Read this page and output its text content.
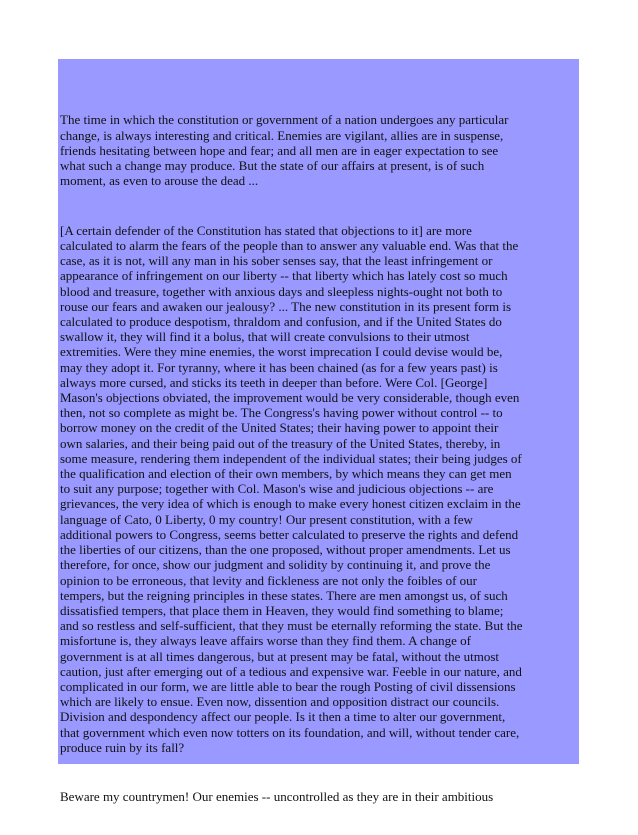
The time in which the constitution or government of a nation undergoes any particular
change, is always interesting and critical. Enemies are vigilant, allies are in suspense,
friends hesitating between hope and fear; and all men are in eager expectation to see
what such a change may produce. But the state of our affairs at present, is of such
moment, as even to arouse the dead ...

[A certain defender of the Constitution has stated that objections to it] are more
calculated to alarm the fears of the people than to answer any valuable end. Was that the
case, as it is not, will any man in his sober senses say, that the least infringement or
appearance of infringement on our liberty -- that liberty which has lately cost so much
blood and treasure, together with anxious days and sleepless nights-ought not both to
rouse our fears and awaken our jealousy? ... The new constitution in its present form is
calculated to produce despotism, thraldom and confusion, and if the United States do
swallow it, they will find it a bolus, that will create convulsions to their utmost
extremities. Were they mine enemies, the worst imprecation I could devise would be,
may they adopt it. For tyranny, where it has been chained (as for a few years past) is
always more cursed, and sticks its teeth in deeper than before. Were Col. [George]
Mason's objections obviated, the improvement would be very considerable, though even
then, not so complete as might be. The Congress's having power without control -- to
borrow money on the credit of the United States; their having power to appoint their
own salaries, and their being paid out of the treasury of the United States, thereby, in
some measure, rendering them independent of the individual states; their being judges of
the qualification and election of their own members, by which means they can get men
to suit any purpose; together with Col. Mason's wise and judicious objections -- are
grievances, the very idea of which is enough to make every honest citizen exclaim in the
language of Cato, 0 Liberty, 0 my country! Our present constitution, with a few
additional powers to Congress, seems better calculated to preserve the rights and defend
the liberties of our citizens, than the one proposed, without proper amendments. Let us
therefore, for once, show our judgment and solidity by continuing it, and prove the
opinion to be erroneous, that levity and fickleness are not only the foibles of our
tempers, but the reigning principles in these states. There are men amongst us, of such
dissatisfied tempers, that place them in Heaven, they would find something to blame;
and so restless and self-sufficient, that they must be eternally reforming the state. But the
misfortune is, they always leave affairs worse than they find them. A change of
government is at all times dangerous, but at present may be fatal, without the utmost
caution, just after emerging out of a tedious and expensive war. Feeble in our nature, and
complicated in our form, we are little able to bear the rough Posting of civil dissensions
which are likely to ensue. Even now, dissention and opposition distract our councils.
Division and despondency affect our people. Is it then a time to alter our government,
that government which even now totters on its foundation, and will, without tender care,
produce ruin by its fall?

Beware my countrymen! Our enemies -- uncontrolled as they are in their ambitious
